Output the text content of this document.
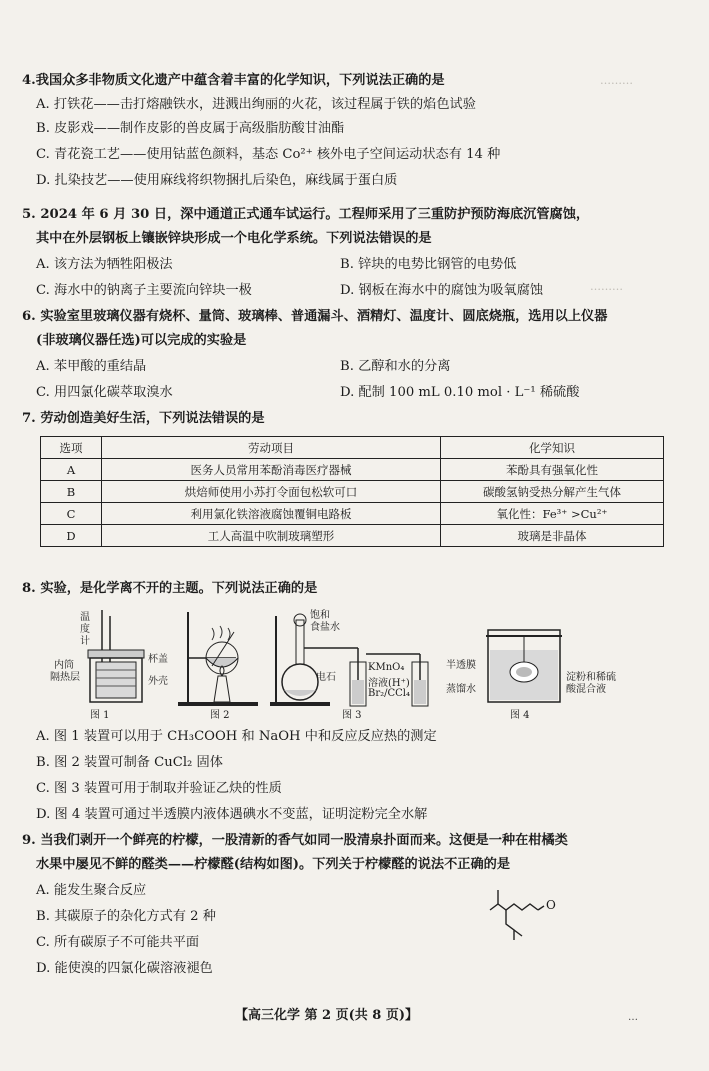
………
………
4.我国众多非物质文化遗产中蕴含着丰富的化学知识，下列说法正确的是
A. 打铁花——击打熔融铁水，进溅出绚丽的火花，该过程属于铁的焰色试验
B. 皮影戏——制作皮影的兽皮属于高级脂肪酸甘油酯
C. 青花瓷工艺——使用钴蓝色颜料，基态 Co²⁺ 核外电子空间运动状态有 14 种
D. 扎染技艺——使用麻线将织物捆扎后染色，麻线属于蛋白质
5. 2024 年 6 月 30 日，深中通道正式通车试运行。工程师采用了三重防护预防海底沉管腐蚀，
其中在外层钢板上镶嵌锌块形成一个电化学系统。下列说法错误的是
A. 该方法为牺牲阳极法	B. 锌块的电势比钢管的电势低
C. 海水中的钠离子主要流向锌块一极	D. 钢板在海水中的腐蚀为吸氧腐蚀
6. 实验室里玻璃仪器有烧杯、量筒、玻璃棒、普通漏斗、酒精灯、温度计、圆底烧瓶，选用以上仪器
(非玻璃仪器任选)可以完成的实验是
A. 苯甲酸的重结晶	B. 乙醇和水的分离
C. 用四氯化碳萃取溴水	D. 配制 100 mL 0.10 mol · L⁻¹ 稀硫酸
7. 劳动创造美好生活，下列说法错误的是
选项	劳动项目	化学知识
A	医务人员常用苯酚消毒医疗器械	苯酚具有强氧化性
B	烘焙师使用小苏打令面包松软可口	碳酸氢钠受热分解产生气体
C	利用氯化铁溶液腐蚀覆铜电路板	氧化性：Fe³⁺ >Cu²⁺
D	工人高温中吹制玻璃塑形	玻璃是非晶体
8. 实验，是化学离不开的主题。下列说法正确的是
温
度
计
内筒
隔热层
杯盖
外壳
图 1	图 2
饱和
食盐水
电石
KMnO₄
溶液(H⁺)
Br₂/CCl₄
图 3
半透膜
蒸馏水
淀粉和稀硫
酸混合液
图 4
A. 图 1 装置可以用于 CH₃COOH 和 NaOH 中和反应反应热的测定
B. 图 2 装置可制备 CuCl₂ 固体
C. 图 3 装置可用于制取并验证乙炔的性质
D. 图 4 装置可通过半透膜内液体遇碘水不变蓝，证明淀粉完全水解
9. 当我们剥开一个鲜亮的柠檬，一股清新的香气如同一股清泉扑面而来。这便是一种在柑橘类
水果中屡见不鲜的醛类——柠檬醛(结构如图)。下列关于柠檬醛的说法不正确的是
A. 能发生聚合反应
B. 其碳原子的杂化方式有 2 种
C. 所有碳原子不可能共平面
D. 能使溴的四氯化碳溶液褪色
O
【高三化学 第 2 页(共 8 页)】	…
